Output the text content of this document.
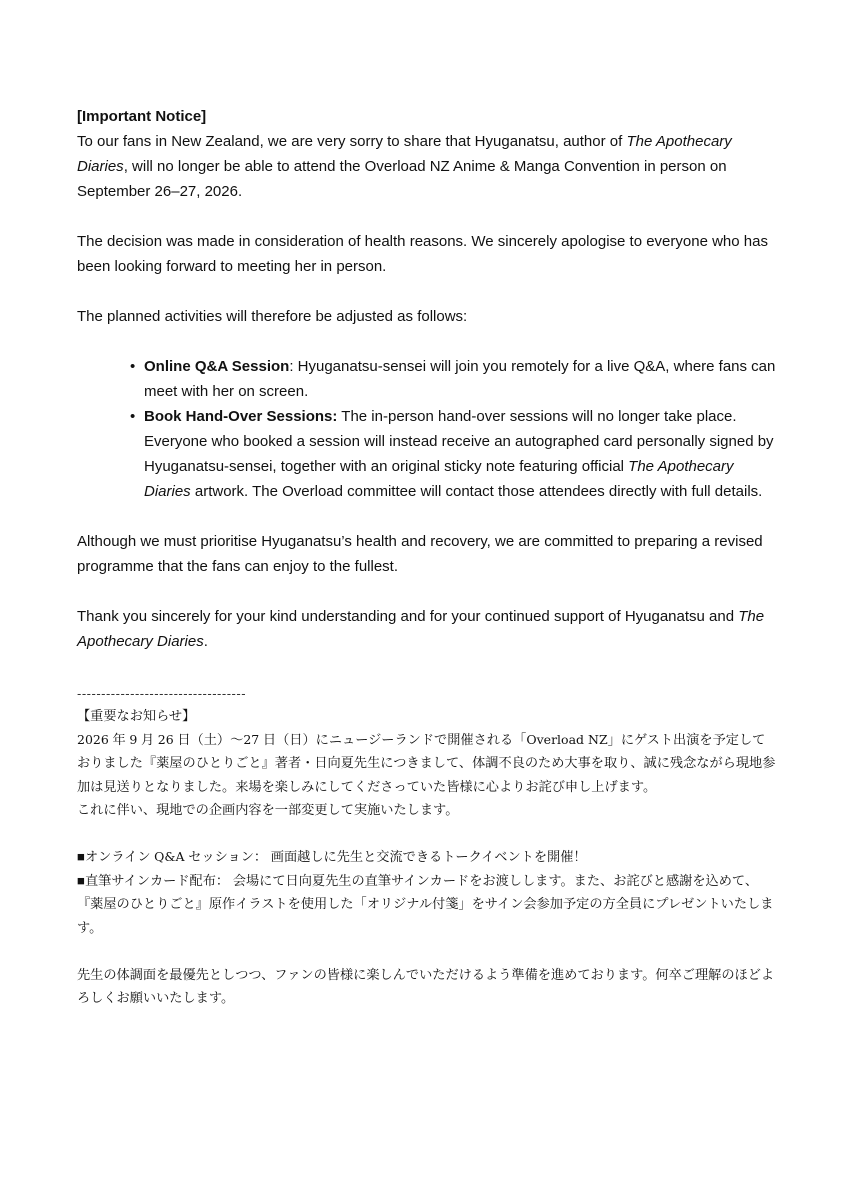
[Important Notice]

To our fans in New Zealand, we are very sorry to share that Hyuganatsu, author of The Apothecary Diaries, will no longer be able to attend the Overload NZ Anime & Manga Convention in person on September 26–27, 2026.

The decision was made in consideration of health reasons. We sincerely apologise to everyone who has been looking forward to meeting her in person.

The planned activities will therefore be adjusted as follows:

• Online Q&A Session: Hyuganatsu-sensei will join you remotely for a live Q&A, where fans can meet with her on screen.
• Book Hand-Over Sessions: The in-person hand-over sessions will no longer take place. Everyone who booked a session will instead receive an autographed card personally signed by Hyuganatsu-sensei, together with an original sticky note featuring official The Apothecary Diaries artwork. The Overload committee will contact those attendees directly with full details.

Although we must prioritise Hyuganatsu’s health and recovery, we are committed to preparing a revised programme that the fans can enjoy to the fullest.

Thank you sincerely for your kind understanding and for your continued support of Hyuganatsu and The Apothecary Diaries.

-----------------------------------

【重要なお知らせ】

2026 年 9 月 26 日（土）～27 日（日）にニュージーランドで開催される「Overload NZ」にゲスト出演を予定しておりました『薬屋のひとりごと』著者・日向夏先生につきまして、体調不良のため大事を取り、誠に残念ながら現地参加は見送りとなりました。来場を楽しみにしてくださっていた皆様に心よりお詫び申し上げます。

これに伴い、現地での企画内容を一部変更して実施いたします。

■オンライン Q&A セッション： 画面越しに先生と交流できるトークイベントを開催！

■直筆サインカード配布： 会場にて日向夏先生の直筆サインカードをお渡しします。また、お詫びと感謝を込めて、『薬屋のひとりごと』原作イラストを使用した「オリジナル付箋」をサイン会参加予定の方全員にプレゼントいたします。

先生の体調面を最優先としつつ、ファンの皆様に楽しんでいただけるよう準備を進めております。何卒ご理解のほどよろしくお願いいたします。
